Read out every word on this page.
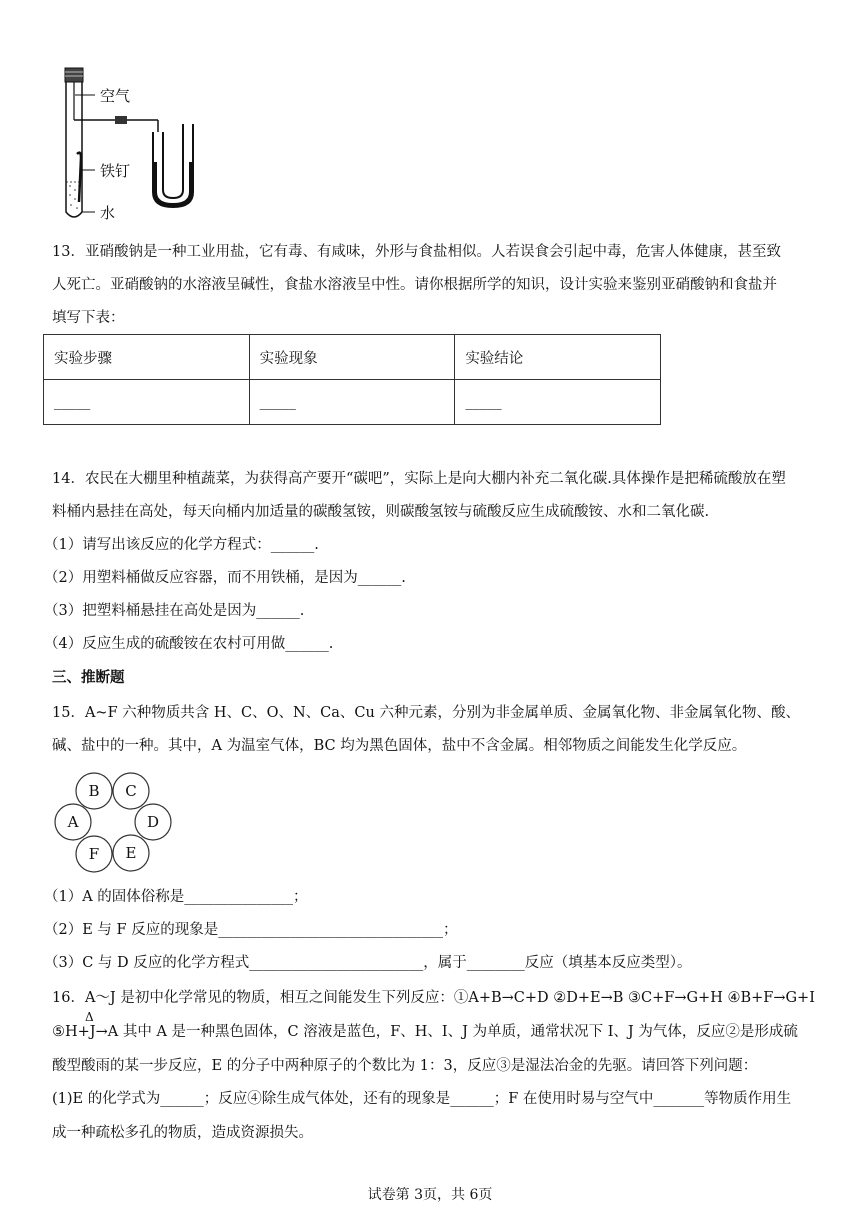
空气
铁钉
水
13．亚硝酸钠是一种工业用盐，它有毒、有咸味，外形与食盐相似。人若误食会引起中毒，危害人体健康，甚至致
人死亡。亚硝酸钠的水溶液呈碱性，食盐水溶液呈中性。请你根据所学的知识，设计实验来鉴别亚硝酸钠和食盐并
填写下表：
实验步骤	实验现象	实验结论
_____	_____	_____
14．农民在大棚里种植蔬菜，为获得高产要开“碳吧”，实际上是向大棚内补充二氧化碳.具体操作是把稀硫酸放在塑
料桶内悬挂在高处，每天向桶内加适量的碳酸氢铵，则碳酸氢铵与硫酸反应生成硫酸铵、水和二氧化碳.
（1）请写出该反应的化学方程式：______.
（2）用塑料桶做反应容器，而不用铁桶，是因为______.
（3）把塑料桶悬挂在高处是因为______.
（4）反应生成的硫酸铵在农村可用做______.
三、推断题
15．A~F 六种物质共含 H、C、O、N、Ca、Cu 六种元素，分别为非金属单质、金属氧化物、非金属氧化物、酸、
碱、盐中的一种。其中，A 为温室气体，BC 均为黑色固体，盐中不含金属。相邻物质之间能发生化学反应。
B C
D
E
F
A
（1）A 的固体俗称是_______________；
（2）E 与 F 反应的现象是_______________________________；
（3）C 与 D 反应的化学方程式________________________，属于________反应（填基本反应类型）。
16．A～J 是初中化学常见的物质，相互之间能发生下列反应：①A+B→C+D ②D+E→B ③C+F→G+H ④B+F→G+I
Δ
⑤H+J→A 其中 A 是一种黑色固体，C 溶液是蓝色，F、H、I、J 为单质，通常状况下 I、J 为气体，反应②是形成硫
酸型酸雨的某一步反应，E 的分子中两种原子的个数比为 1：3，反应③是湿法冶金的先驱。请回答下列问题：
(1)E 的化学式为______；反应④除生成气体处，还有的现象是______；F 在使用时易与空气中_______等物质作用生
成一种疏松多孔的物质，造成资源损失。
试卷第 3页，共 6页
